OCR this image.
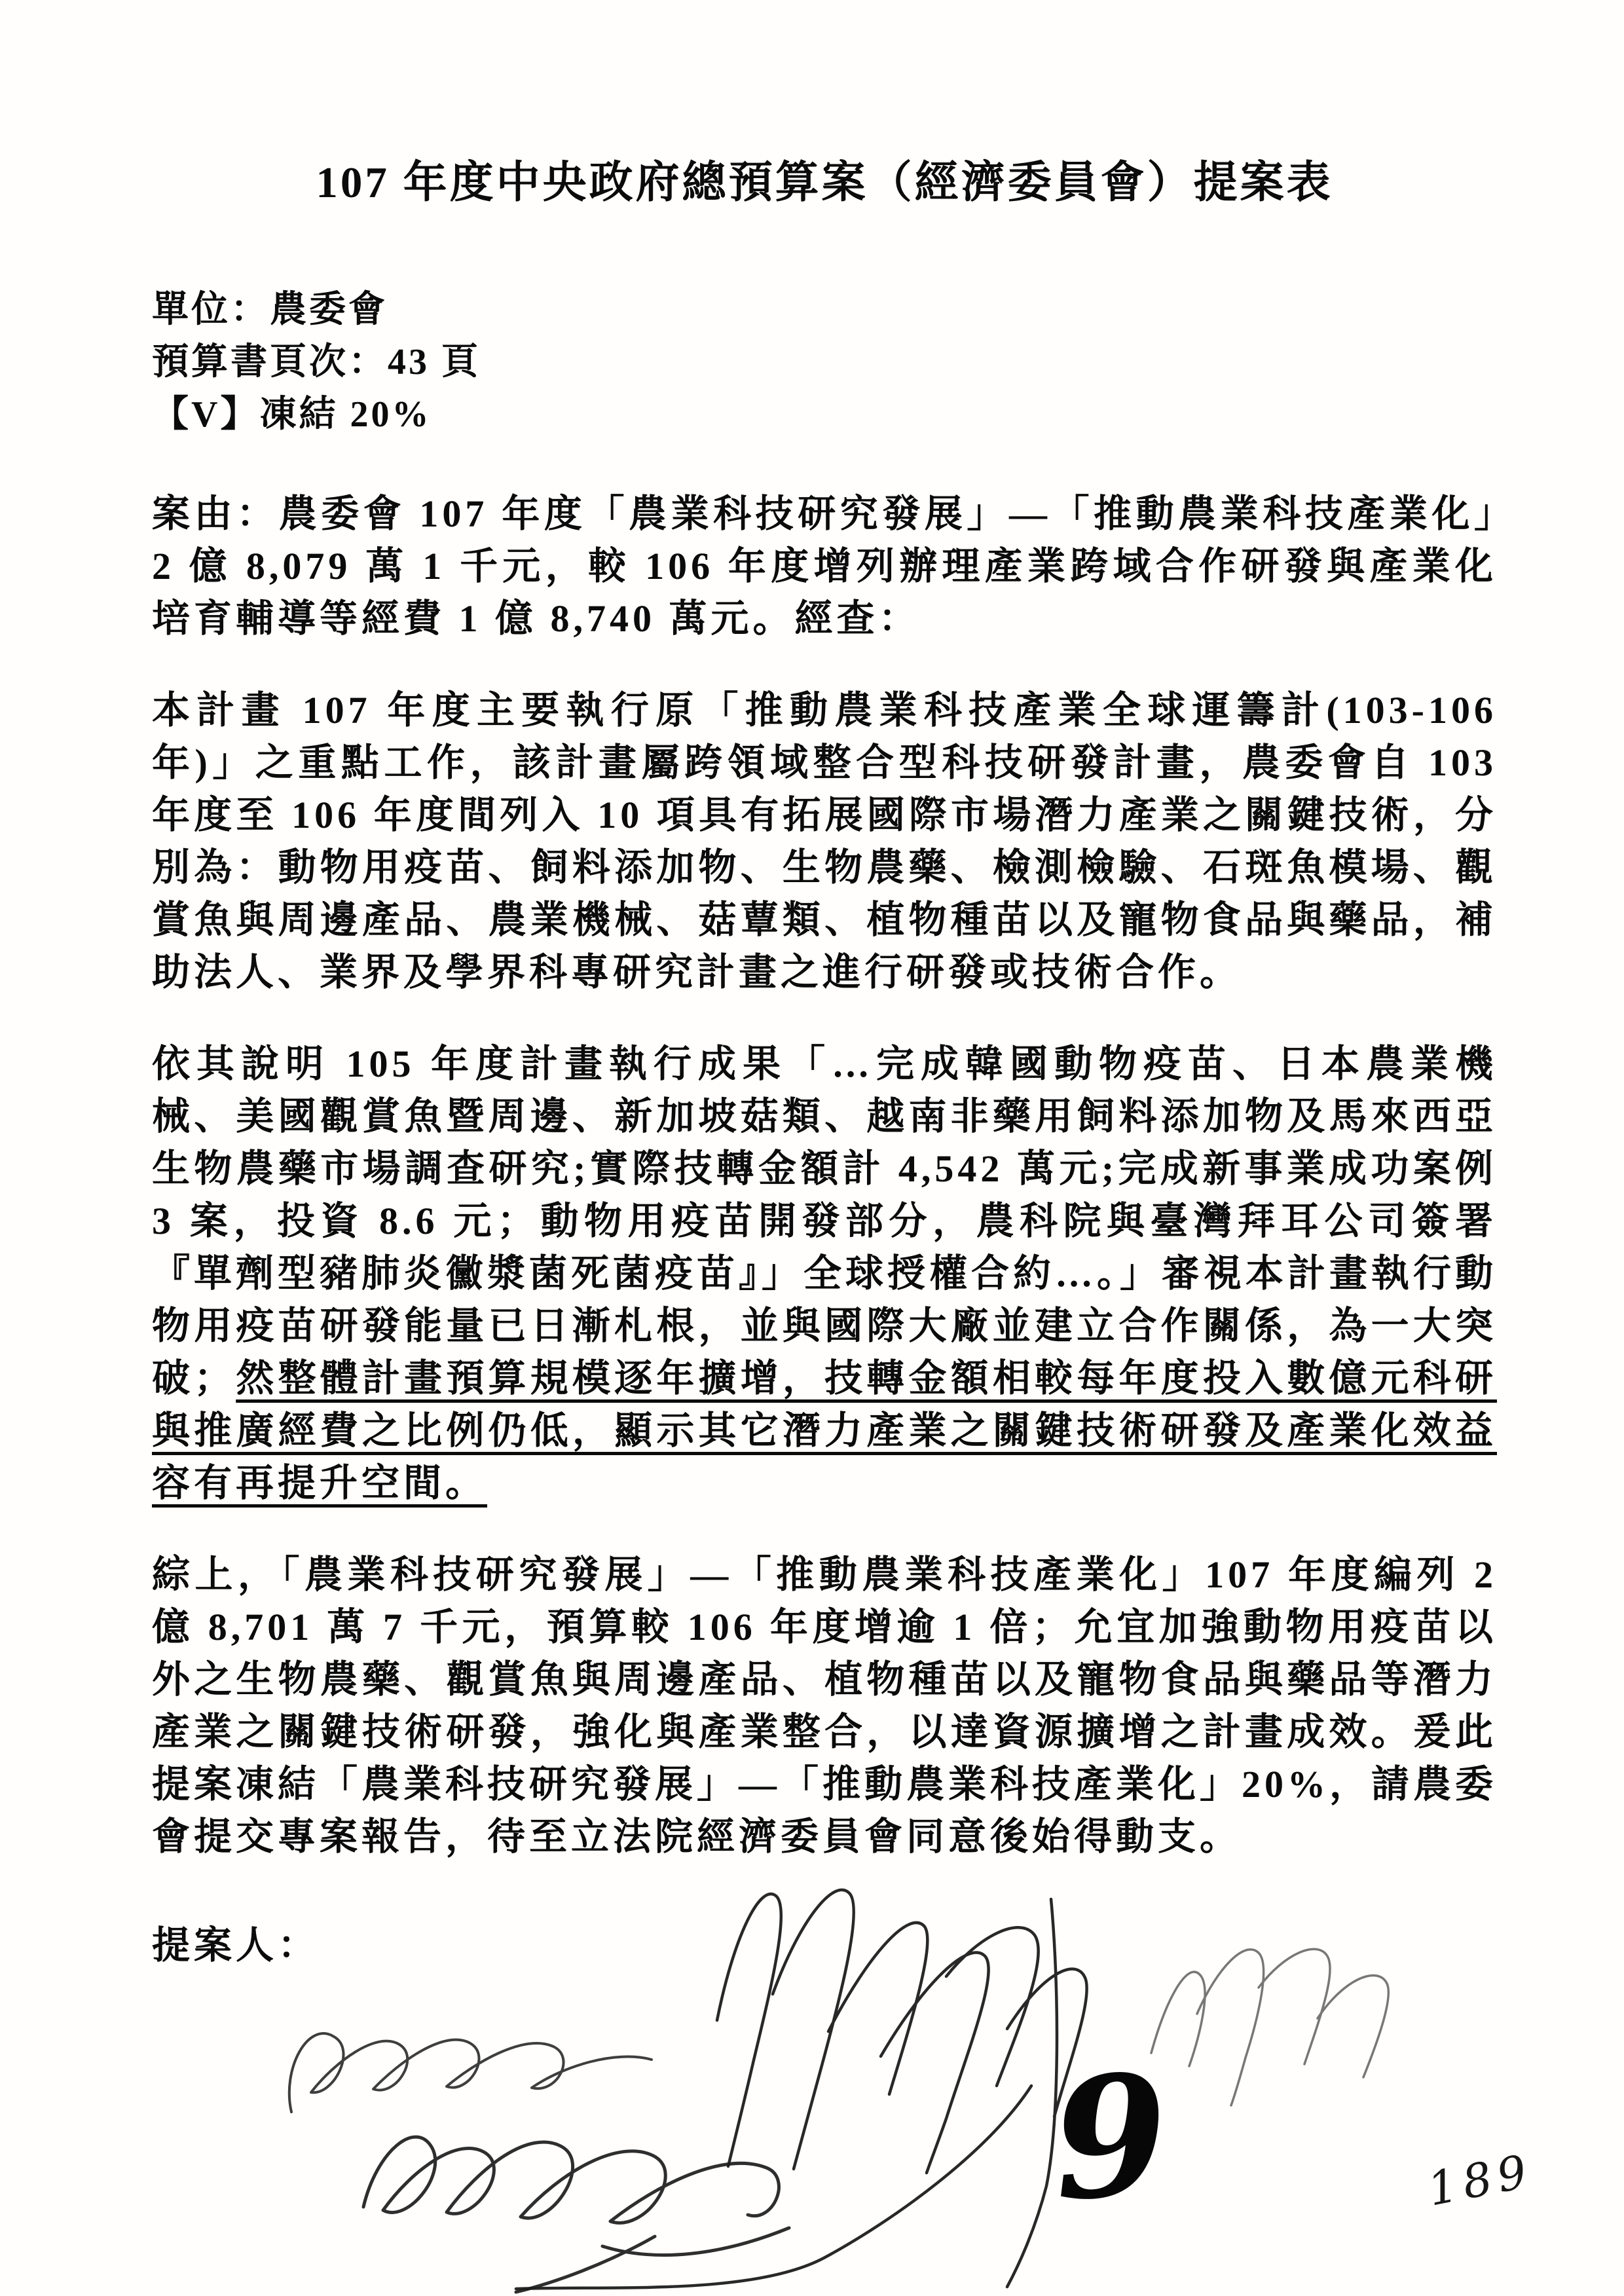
107 年度中央政府總預算案（經濟委員會）提案表
單位：農委會
預算書頁次：43 頁
【V】凍結 20%

案由：農委會 107 年度「農業科技研究發展」—「推動農業科技產業化」2 億 8,079 萬 1 千元，較 106 年度增列辦理產業跨域合作研發與產業化培育輔導等經費 1 億 8,740 萬元。經查：

本計畫 107 年度主要執行原「推動農業科技產業全球運籌計(103-106 年)」之重點工作，該計畫屬跨領域整合型科技研發計畫，農委會自 103 年度至 106 年度間列入 10 項具有拓展國際市場潛力產業之關鍵技術，分別為：動物用疫苗、飼料添加物、生物農藥、檢測檢驗、石斑魚模場、觀賞魚與周邊產品、農業機械、菇蕈類、植物種苗以及寵物食品與藥品，補助法人、業界及學界科專研究計畫之進行研發或技術合作。

依其說明 105 年度計畫執行成果「…完成韓國動物疫苗、日本農業機械、美國觀賞魚暨周邊、新加坡菇類、越南非藥用飼料添加物及馬來西亞生物農藥市場調查研究;實際技轉金額計 4,542 萬元;完成新事業成功案例 3 案，投資 8.6 元；動物用疫苗開發部分，農科院與臺灣拜耳公司簽署『單劑型豬肺炎黴漿菌死菌疫苗』」全球授權合約…。」審視本計畫執行動物用疫苗研發能量已日漸札根，並與國際大廠並建立合作關係，為一大突破；然整體計畫預算規模逐年擴增，技轉金額相較每年度投入數億元科研與推廣經費之比例仍低，顯示其它潛力產業之關鍵技術研發及產業化效益容有再提升空間。

綜上，「農業科技研究發展」—「推動農業科技產業化」107 年度編列 2 億 8,701 萬 7 千元，預算較 106 年度增逾 1 倍；允宜加強動物用疫苗以外之生物農藥、觀賞魚與周邊產品、植物種苗以及寵物食品與藥品等潛力產業之關鍵技術研發，強化與產業整合，以達資源擴增之計畫成效。爰此提案凍結「農業科技研究發展」—「推動農業科技產業化」20%，請農委會提交專案報告，待至立法院經濟委員會同意後始得動支。

提案人：
9	189
